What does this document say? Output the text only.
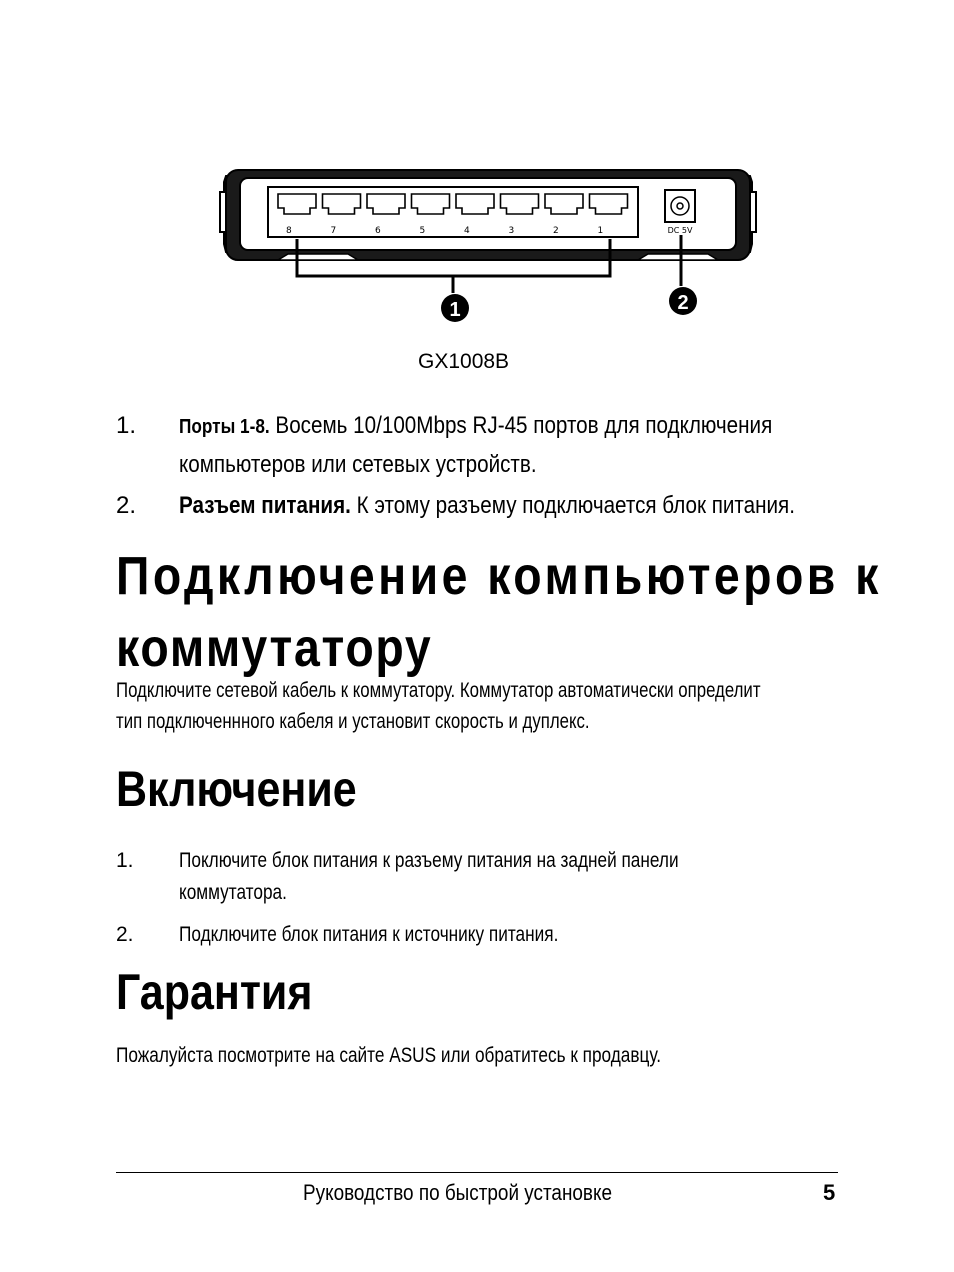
8	7	6	5	4	3	2	1	DC 5V
1	2
GX1008B
1. Порты 1-8. Восемь 10/100Mbps RJ-45 портов для подключения
компьютеров или сетевых устройств.
2. Разъем питания. К этому разъему подключается блок питания.
Подключение компьютеров к
коммутатору
Подключите сетевой кабель к коммутатору. Коммутатор автоматически определит
тип подключеннного кабеля и установит скорость и дуплекс.
Включение
1. Поключите блок питания к разъему питания на задней панели
коммутатора.
2. Подключите блок питания к источнику питания.
Гарантия
Пожалуйста посмотрите на сайте ASUS или обратитесь к продавцу.
Руководство по быстрой установке	5
